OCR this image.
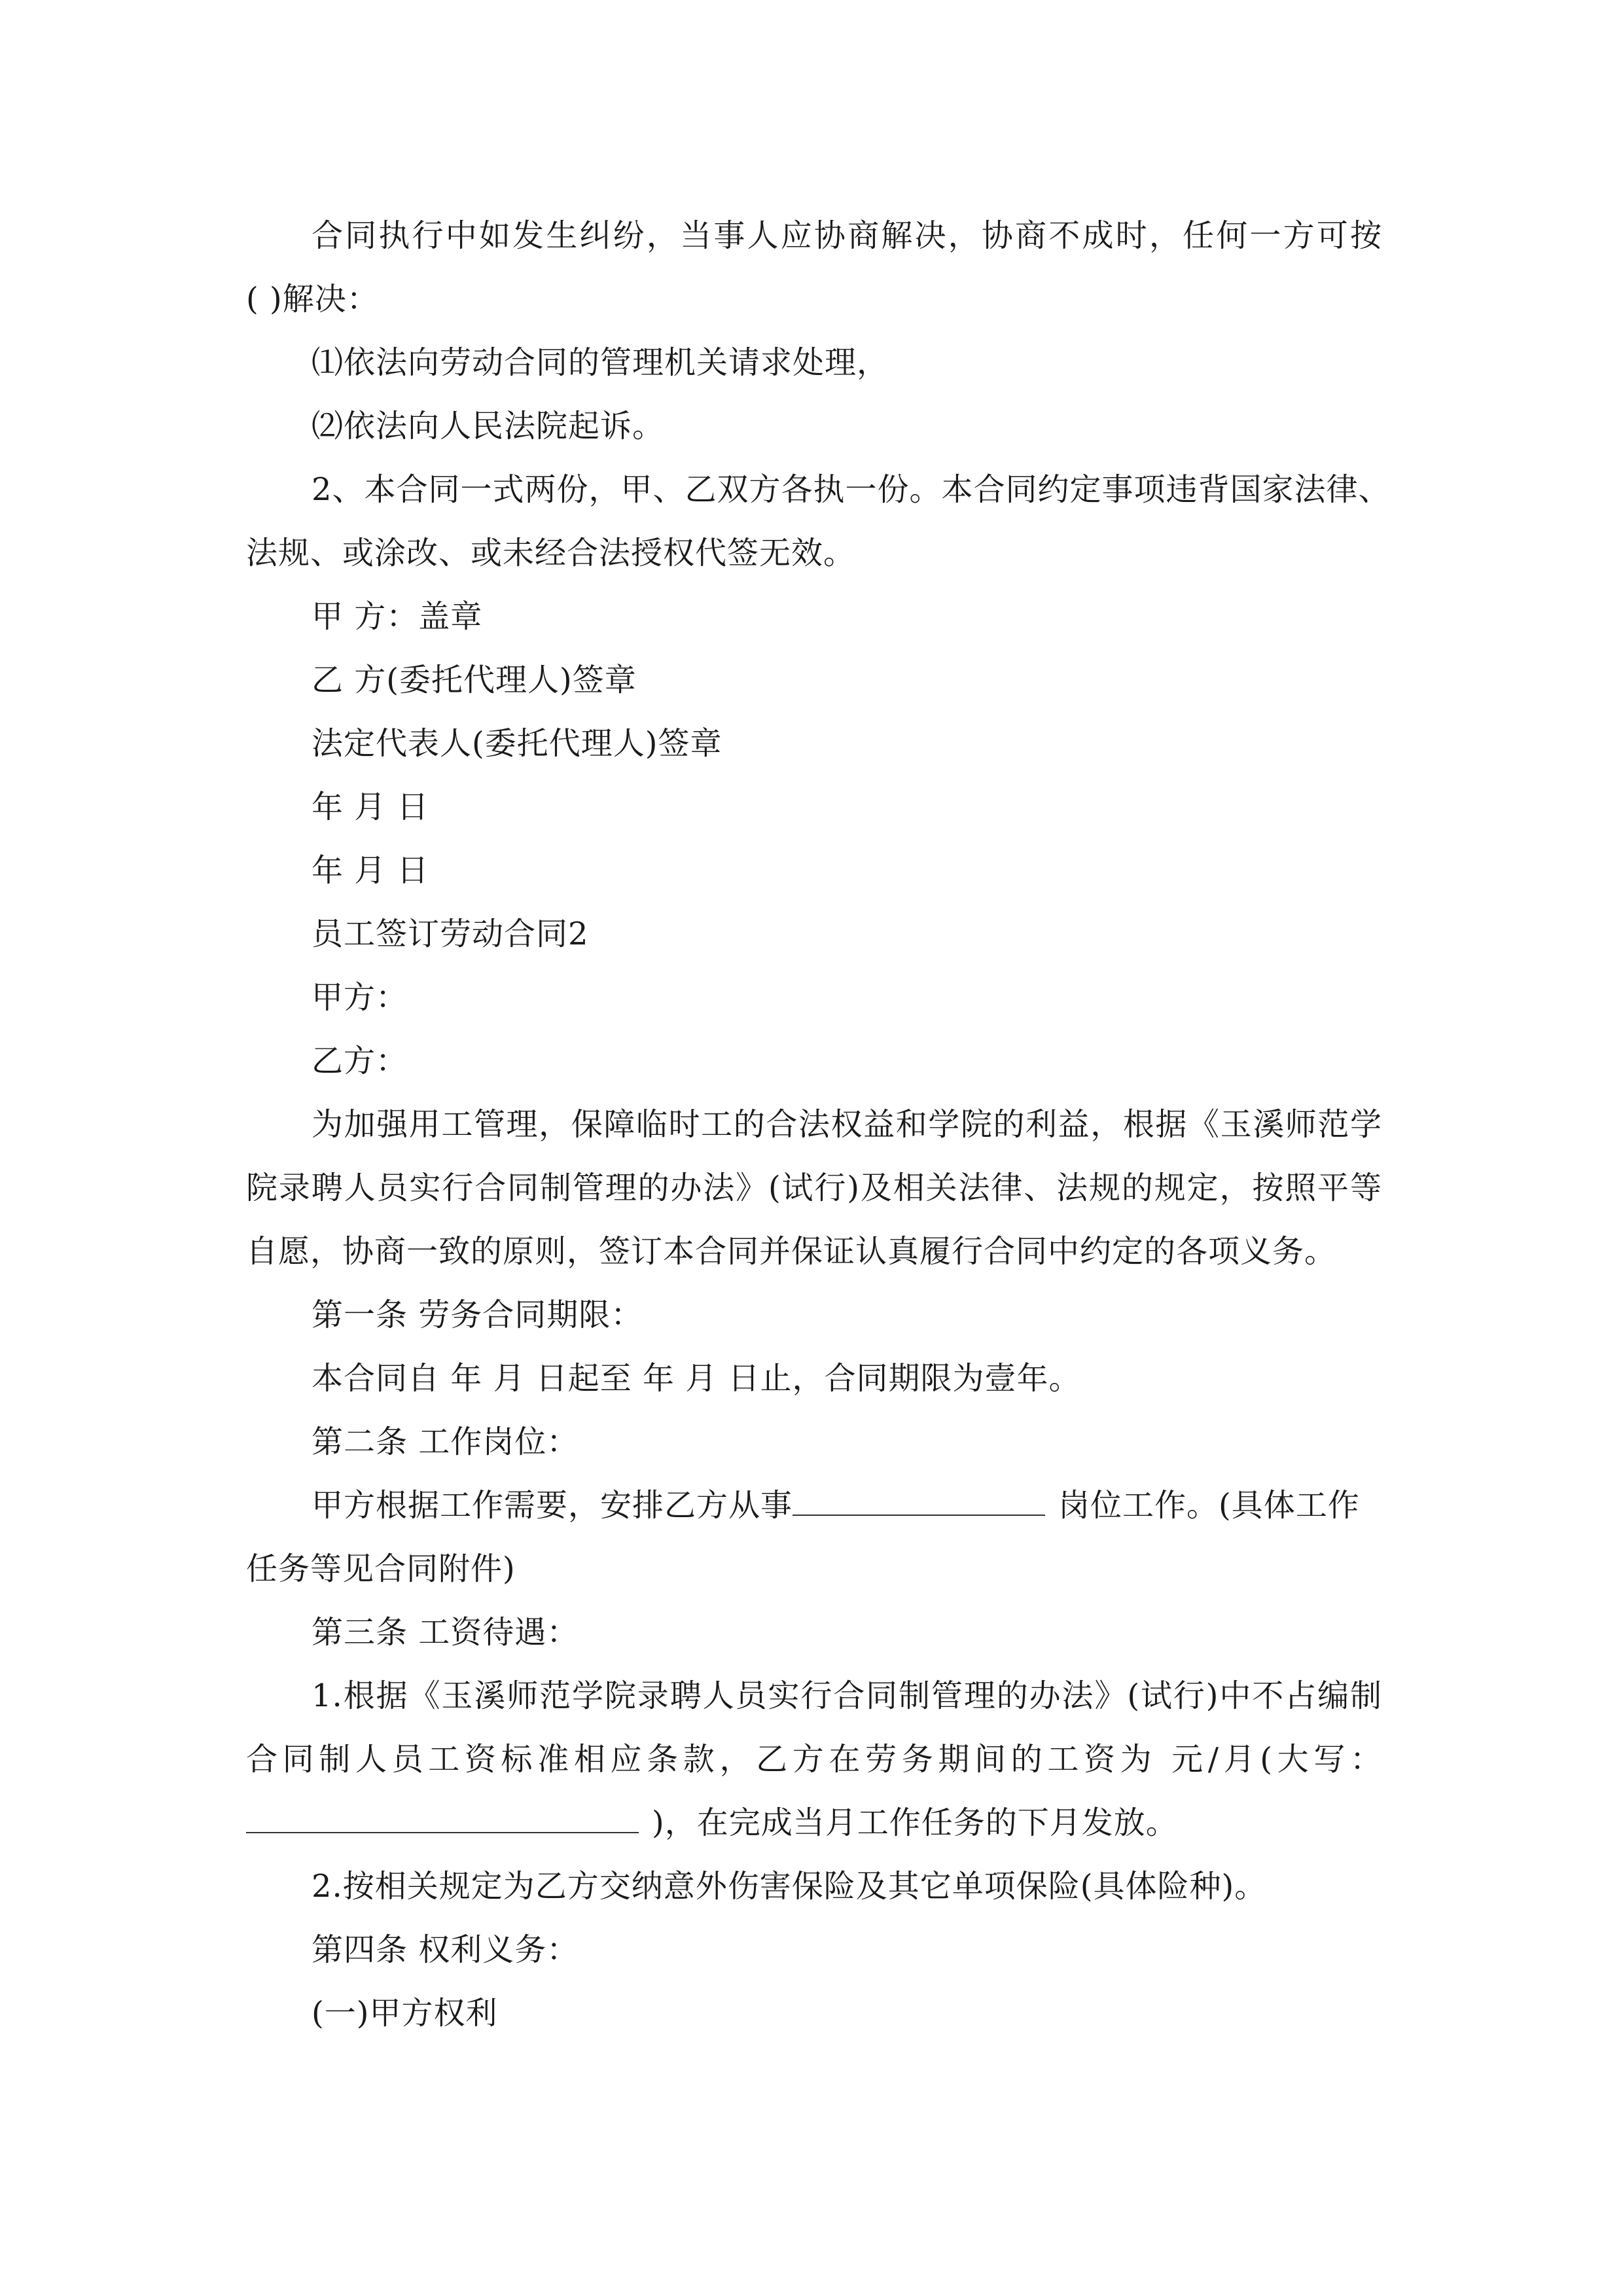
合同执行中如发生纠纷，当事人应协商解决，协商不成时，任何一方可按
( )解决：
⑴依法向劳动合同的管理机关请求处理，
⑵依法向人民法院起诉。
2、本合同一式两份，甲、乙双方各执一份。本合同约定事项违背国家法律、
法规、或涂改、或未经合法授权代签无效。
甲 方：盖章
乙 方(委托代理人)签章
法定代表人(委托代理人)签章
年 月 日
年 月 日
员工签订劳动合同2
甲方：
乙方：
为加强用工管理，保障临时工的合法权益和学院的利益，根据《玉溪师范学
院录聘人员实行合同制管理的办法》(试行)及相关法律、法规的规定，按照平等
自愿，协商一致的原则，签订本合同并保证认真履行合同中约定的各项义务。
第一条 劳务合同期限：
本合同自 年 月 日起至 年 月 日止，合同期限为壹年。
第二条 工作岗位：
甲方根据工作需要，安排乙方从事	岗位工作。(具体工作
任务等见合同附件)
第三条 工资待遇：
1.根据《玉溪师范学院录聘人员实行合同制管理的办法》(试行)中不占编制
合同制人员工资标准相应条款，乙方在劳务期间的工资为 元/月(大写：
)，在完成当月工作任务的下月发放。
2.按相关规定为乙方交纳意外伤害保险及其它单项保险(具体险种)。
第四条 权利义务：
(一)甲方权利
